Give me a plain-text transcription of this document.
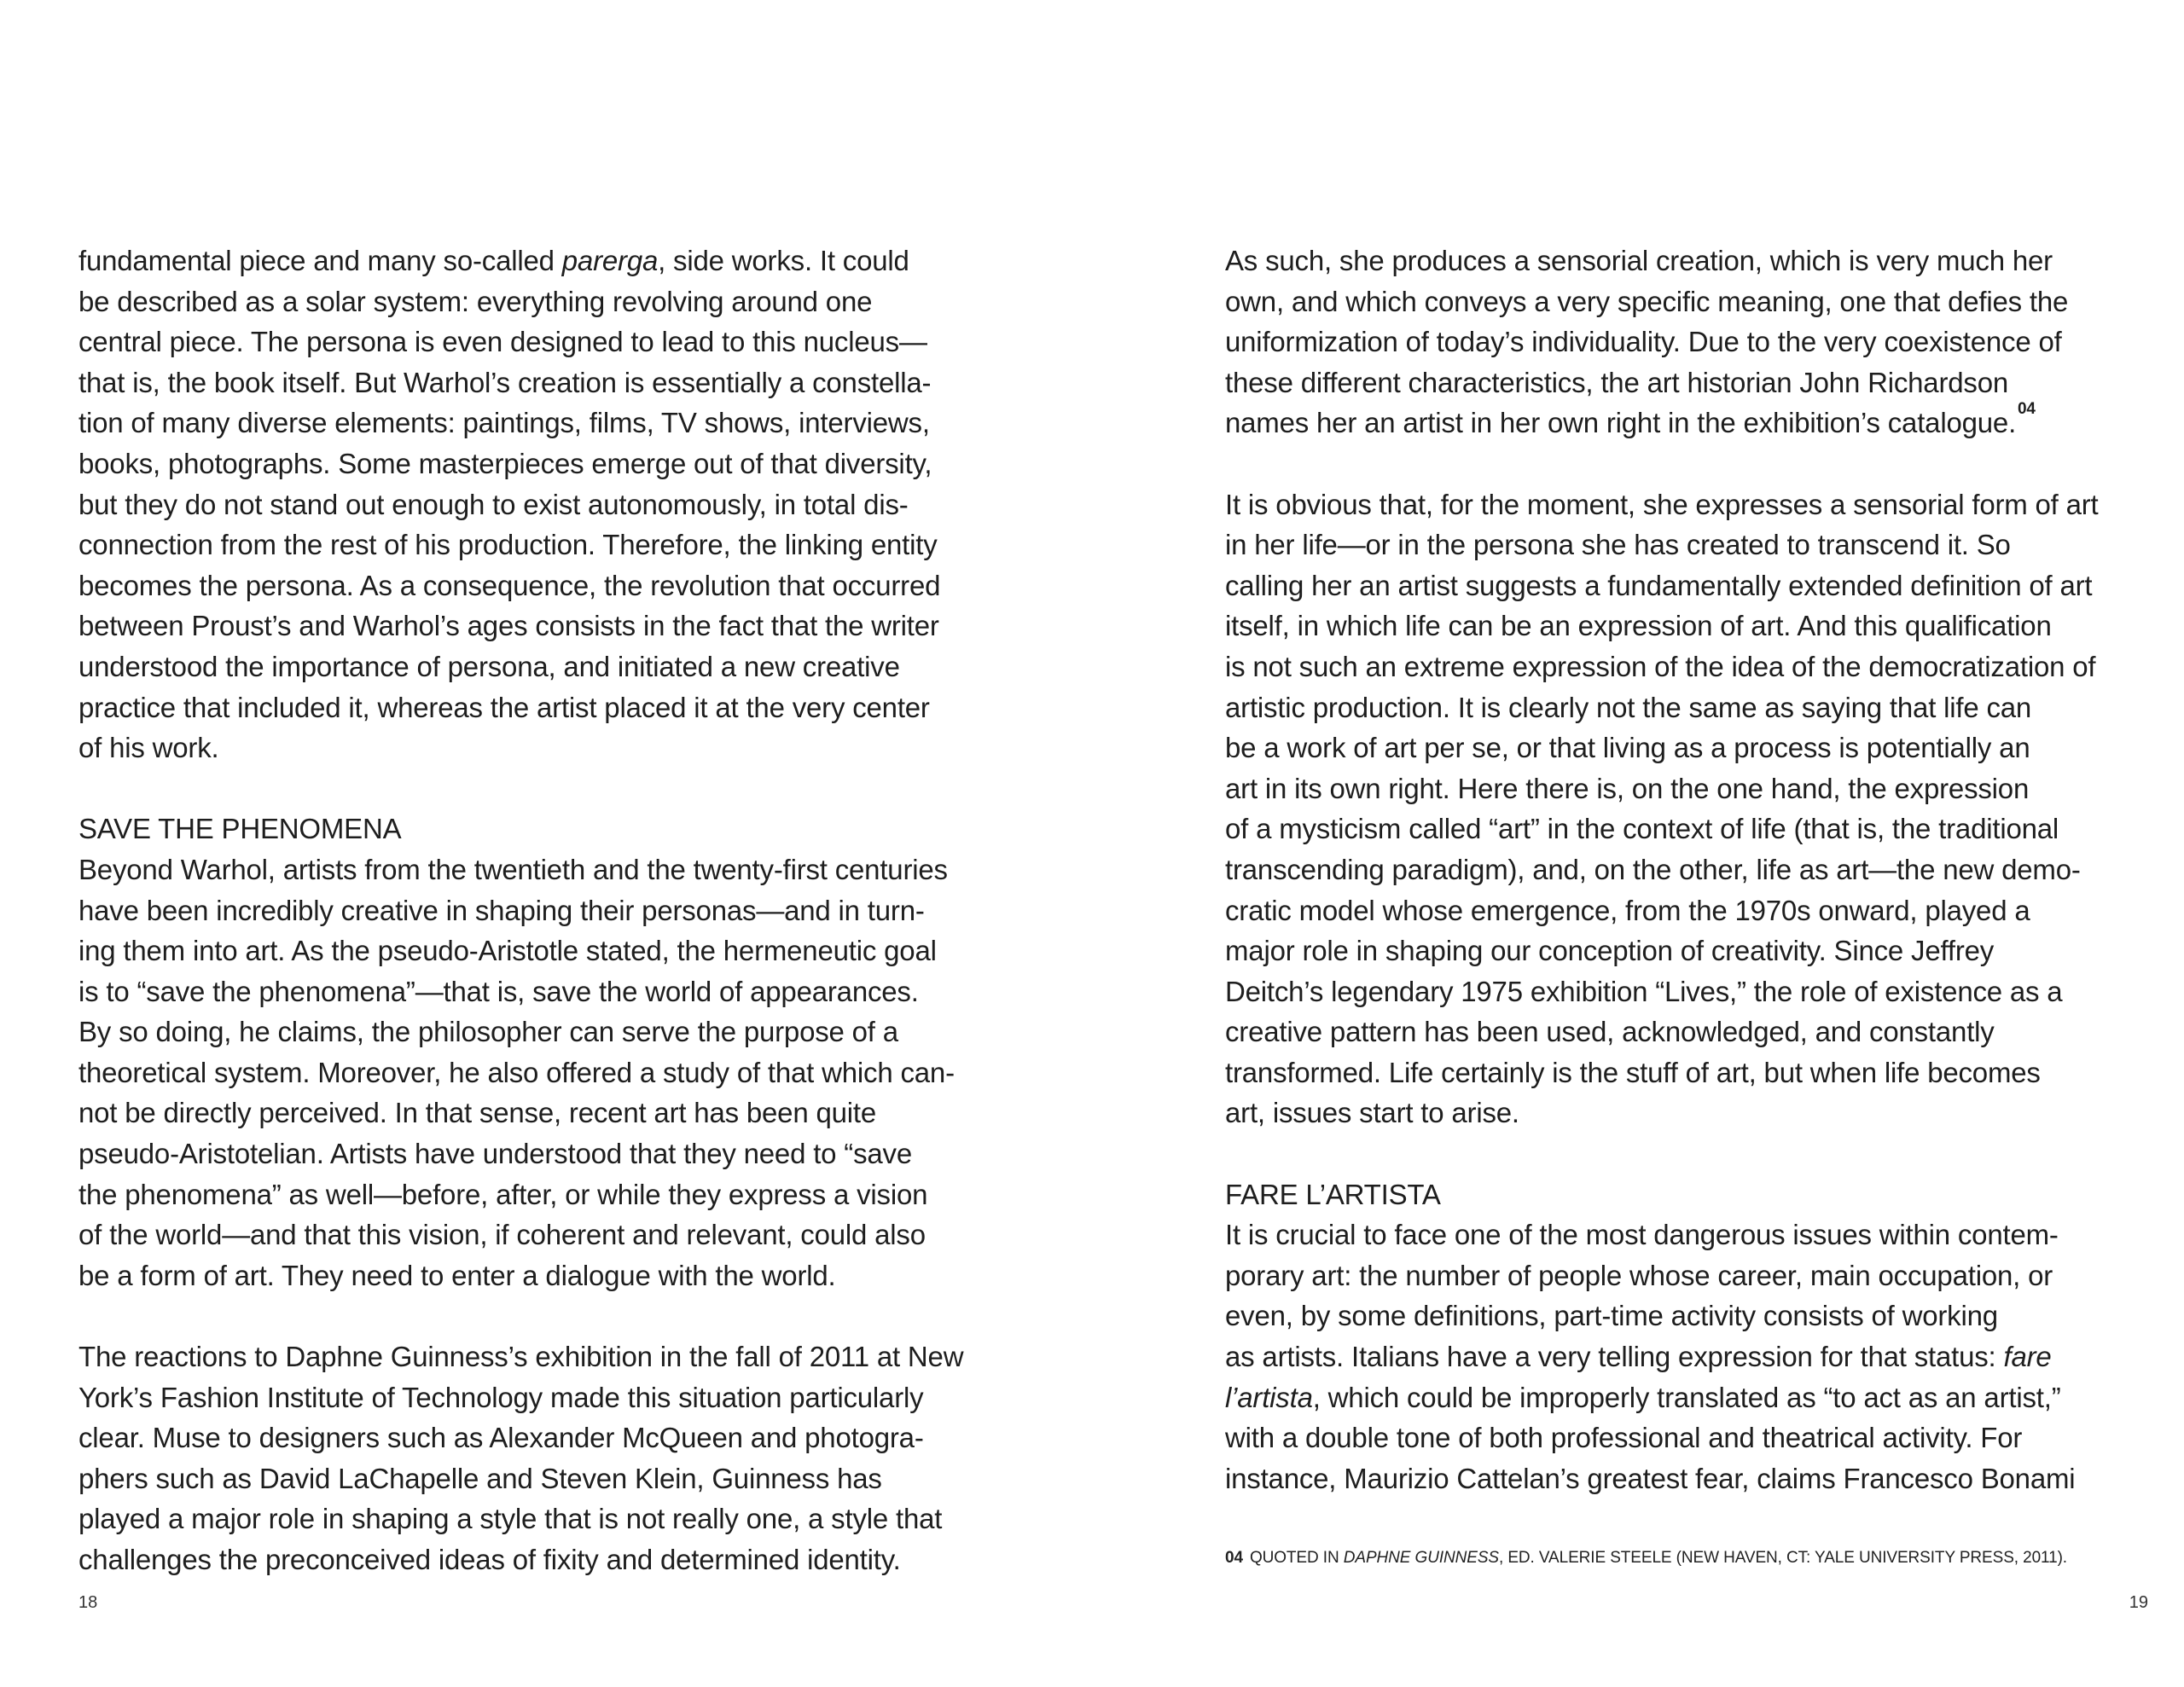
fundamental piece and many so-called parerga, side works. It could
be described as a solar system: everything revolving around one
central piece. The persona is even designed to lead to this nucleus—
that is, the book itself. But Warhol’s creation is essentially a constella-
tion of many diverse elements: paintings, films, TV shows, interviews,
books, photographs. Some masterpieces emerge out of that diversity,
but they do not stand out enough to exist autonomously, in total dis-
connection from the rest of his production. Therefore, the linking entity
becomes the persona. As a consequence, the revolution that occurred
between Proust’s and Warhol’s ages consists in the fact that the writer
understood the importance of persona, and initiated a new creative
practice that included it, whereas the artist placed it at the very center
of his work.
SAVE THE PHENOMENA
Beyond Warhol, artists from the twentieth and the twenty-first centuries
have been incredibly creative in shaping their personas—and in turn-
ing them into art. As the pseudo-Aristotle stated, the hermeneutic goal
is to “save the phenomena”—that is, save the world of appearances.
By so doing, he claims, the philosopher can serve the purpose of a
theoretical system. Moreover, he also offered a study of that which can-
not be directly perceived. In that sense, recent art has been quite
pseudo-Aristotelian. Artists have understood that they need to “save
the phenomena” as well—before, after, or while they express a vision
of the world—and that this vision, if coherent and relevant, could also
be a form of art. They need to enter a dialogue with the world.
The reactions to Daphne Guinness’s exhibition in the fall of 2011 at New
York’s Fashion Institute of Technology made this situation particularly
clear. Muse to designers such as Alexander McQueen and photogra-
phers such as David LaChapelle and Steven Klein, Guinness has
played a major role in shaping a style that is not really one, a style that
challenges the preconceived ideas of fixity and determined identity.
18
As such, she produces a sensorial creation, which is very much her
own, and which conveys a very specific meaning, one that defies the
uniformization of today’s individuality. Due to the very coexistence of
these different characteristics, the art historian John Richardson
names her an artist in her own right in the exhibition’s catalogue. $^{04}$
It is obvious that, for the moment, she expresses a sensorial form of art
in her life—or in the persona she has created to transcend it. So
calling her an artist suggests a fundamentally extended definition of art
itself, in which life can be an expression of art. And this qualification
is not such an extreme expression of the idea of the democratization of
artistic production. It is clearly not the same as saying that life can
be a work of art per se, or that living as a process is potentially an
art in its own right. Here there is, on the one hand, the expression
of a mysticism called “art” in the context of life (that is, the traditional
transcending paradigm), and, on the other, life as art—the new demo-
cratic model whose emergence, from the 1970s onward, played a
major role in shaping our conception of creativity. Since Jeffrey
Deitch’s legendary 1975 exhibition “Lives,” the role of existence as a
creative pattern has been used, acknowledged, and constantly
transformed. Life certainly is the stuff of art, but when life becomes
art, issues start to arise.
FARE L’ARTISTA
It is crucial to face one of the most dangerous issues within contem-
porary art: the number of people whose career, main occupation, or
even, by some definitions, part-time activity consists of working
as artists. Italians have a very telling expression for that status: fare
l’artista, which could be improperly translated as “to act as an artist,”
with a double tone of both professional and theatrical activity. For
instance, Maurizio Cattelan’s greatest fear, claims Francesco Bonami
04 QUOTED IN DAPHNE GUINNESS, ED. VALERIE STEELE (NEW HAVEN, CT: YALE UNIVERSITY PRESS, 2011).
19
